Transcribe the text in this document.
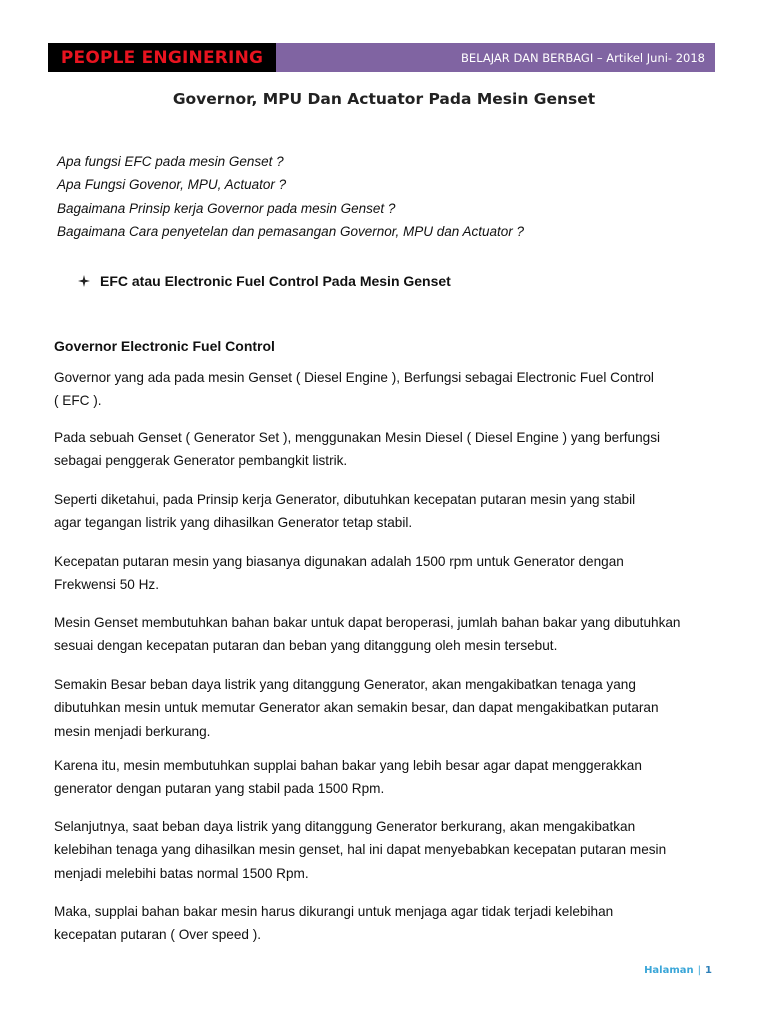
PEOPLE ENGINERING	BELAJAR DAN BERBAGI – Artikel Juni- 2018
Governor, MPU Dan Actuator Pada Mesin Genset
Apa fungsi EFC pada mesin Genset ?
Apa Fungsi Govenor, MPU, Actuator ?
Bagaimana Prinsip kerja Governor pada mesin Genset ?
Bagaimana Cara penyetelan dan pemasangan Governor, MPU dan Actuator ?
EFC atau Electronic Fuel Control Pada Mesin Genset
Governor Electronic Fuel Control
Governor yang ada pada mesin Genset ( Diesel Engine ), Berfungsi sebagai Electronic Fuel Control
( EFC ).
Pada sebuah Genset ( Generator Set ), menggunakan Mesin Diesel ( Diesel Engine ) yang berfungsi
sebagai penggerak Generator pembangkit listrik.
Seperti diketahui, pada Prinsip kerja Generator, dibutuhkan kecepatan putaran mesin yang stabil
agar tegangan listrik yang dihasilkan Generator tetap stabil.
Kecepatan putaran mesin yang biasanya digunakan adalah 1500 rpm untuk Generator dengan
Frekwensi 50 Hz.
Mesin Genset membutuhkan bahan bakar untuk dapat beroperasi, jumlah bahan bakar yang dibutuhkan
sesuai dengan kecepatan putaran dan beban yang ditanggung oleh mesin tersebut.
Semakin Besar beban daya listrik yang ditanggung Generator, akan mengakibatkan tenaga yang
dibutuhkan mesin untuk memutar Generator akan semakin besar, dan dapat mengakibatkan putaran
mesin menjadi berkurang.
Karena itu, mesin membutuhkan supplai bahan bakar yang lebih besar agar dapat menggerakkan
generator dengan putaran yang stabil pada 1500 Rpm.
Selanjutnya, saat beban daya listrik yang ditanggung Generator berkurang, akan mengakibatkan
kelebihan tenaga yang dihasilkan mesin genset, hal ini dapat menyebabkan kecepatan putaran mesin
menjadi melebihi batas normal 1500 Rpm.
Maka, supplai bahan bakar mesin harus dikurangi untuk menjaga agar tidak terjadi kelebihan
kecepatan putaran ( Over speed ).
Halaman | 1
